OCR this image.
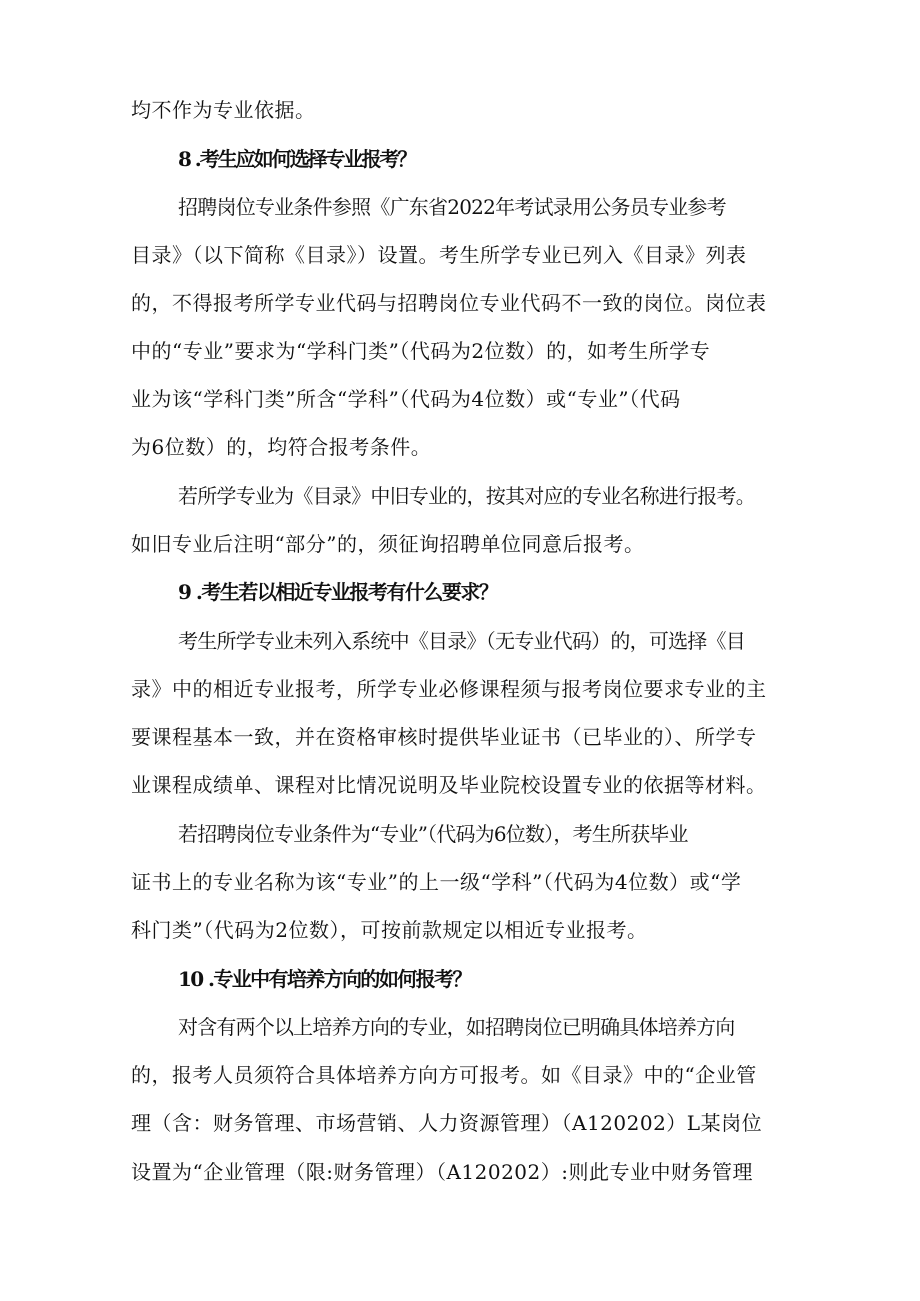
均不作为专业依据。
8 .考生应如何选择专业报考？
招聘岗位专业条件参照《广东省2022年考试录用公务员专业参考
目录》（以下简称《目录》）设置。考生所学专业已列入《目录》列表
的，不得报考所学专业代码与招聘岗位专业代码不一致的岗位。岗位表
中的“专业”要求为“学科门类”（代码为2位数）的，如考生所学专
业为该“学科门类”所含“学科”（代码为4位数）或“专业”（代码
为6位数）的，均符合报考条件。
若所学专业为《目录》中旧专业的，按其对应的专业名称进行报考。
如旧专业后注明“部分”的，须征询招聘单位同意后报考。
9 .考生若以相近专业报考有什么要求？
考生所学专业未列入系统中《目录》（无专业代码）的，可选择《目
录》中的相近专业报考，所学专业必修课程须与报考岗位要求专业的主
要课程基本一致，并在资格审核时提供毕业证书（已毕业的）、所学专
业课程成绩单、课程对比情况说明及毕业院校设置专业的依据等材料。
若招聘岗位专业条件为“专业”（代码为6位数），考生所获毕业
证书上的专业名称为该“专业”的上一级“学科”（代码为4位数）或“学
科门类”（代码为2位数），可按前款规定以相近专业报考。
10 .专业中有培养方向的如何报考？
对含有两个以上培养方向的专业，如招聘岗位已明确具体培养方向
的，报考人员须符合具体培养方向方可报考。如《目录》中的“企业管
理（含：财务管理、市场营销、人力资源管理）（A120202）L某岗位
设置为“企业管理（限:财务管理）（A120202）:则此专业中财务管理
